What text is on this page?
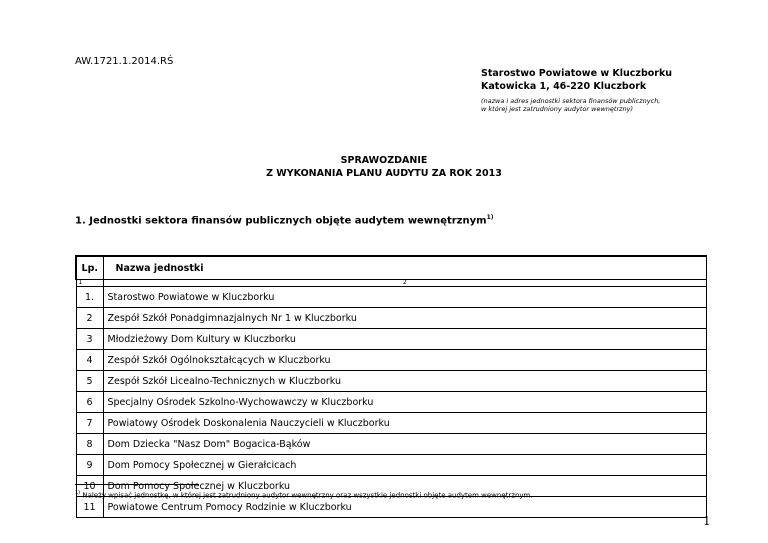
AW.1721.1.2014.RŚ
Starostwo Powiatowe w Kluczborku
Katowicka 1, 46-220 Kluczbork
(nazwa i adres jednostki sektora finansów publicznych,
w której jest zatrudniony audytor wewnętrzny)
SPRAWOZDANIE
Z WYKONANIA PLANU AUDYTU ZA ROK 2013
1. Jednostki sektora finansów publicznych objęte audytem wewnętrznym$^{1)}$
Lp.	Nazwa jednostki
1	2
1.	Starostwo Powiatowe w Kluczborku
2	Zespół Szkół Ponadgimnazjalnych Nr 1 w Kluczborku
3	Młodzieżowy Dom Kultury w Kluczborku
4	Zespół Szkół Ogólnokształcących w Kluczborku
5	Zespół Szkół Licealno-Technicznych w Kluczborku
6	Specjalny Ośrodek Szkolno-Wychowawczy w Kluczborku
7	Powiatowy Ośrodek Doskonalenia Nauczycieli w Kluczborku
8	Dom Dziecka "Nasz Dom" Bogacica-Bąków
9	Dom Pomocy Społecznej w Gierałcicach
10	Dom Pomocy Społecznej w Kluczborku
11	Powiatowe Centrum Pomocy Rodzinie w Kluczborku
$^{1)}$ Należy wpisać jednostkę, w której jest zatrudniony audytor wewnętrzny oraz wszystkie jednostki objęte audytem wewnętrznym.
1
